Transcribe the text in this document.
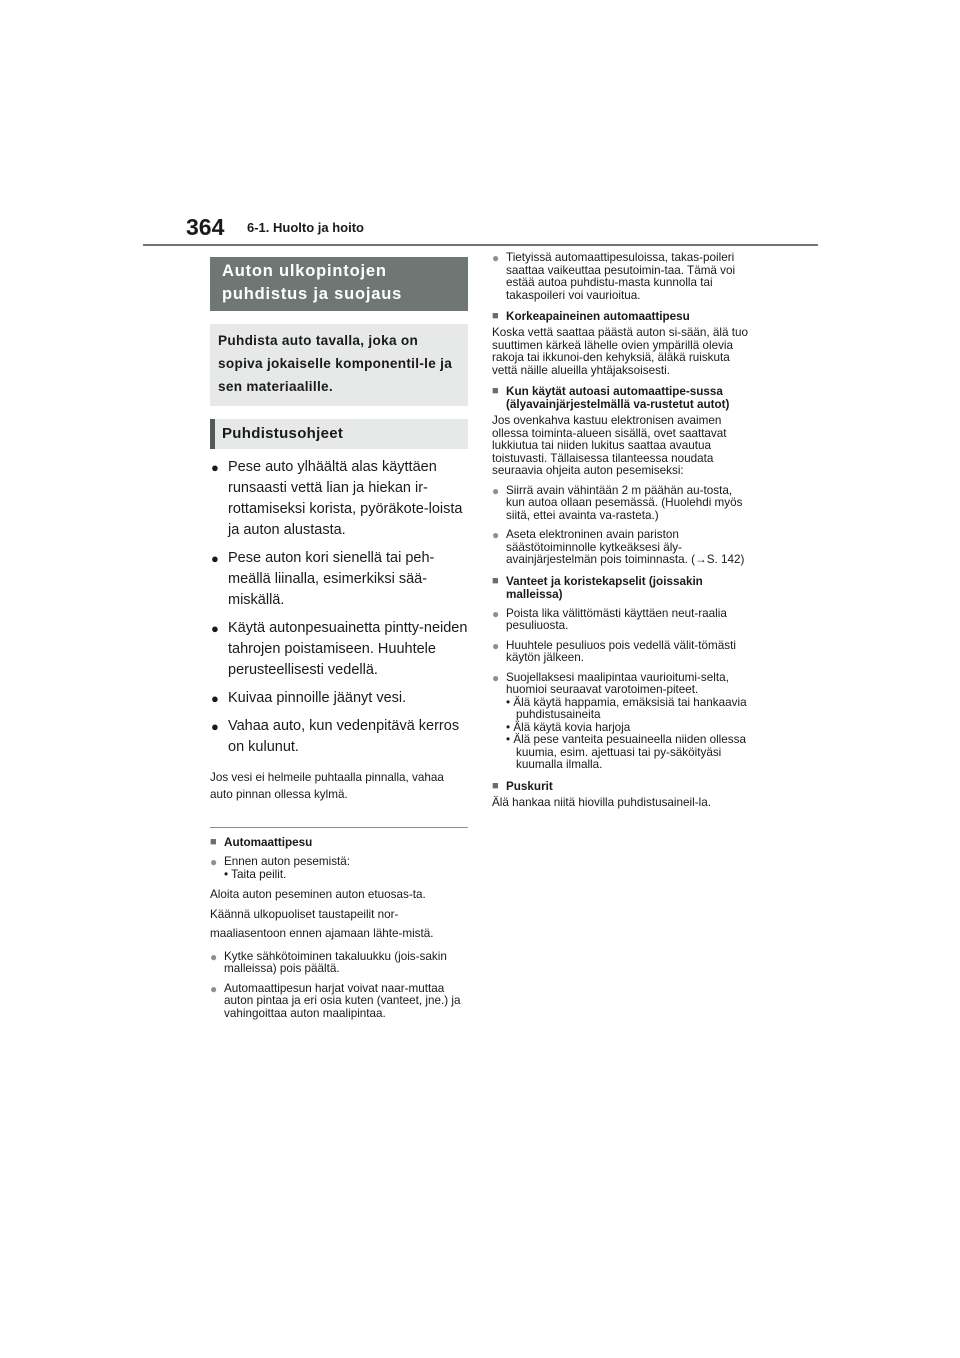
364 6-1. Huolto ja hoito
Auton ulkopintojen puhdistus ja suojaus
Puhdista auto tavalla, joka on sopiva jokaiselle komponentil-le ja sen materiaalille.
Puhdistusohjeet
● Pese auto ylhäältä alas käyttäen runsaasti vettä lian ja hiekan ir-rottamiseksi korista, pyöräkote-loista ja auton alustasta.
● Pese auton kori sienellä tai peh-meällä liinalla, esimerkiksi sää-miskällä.
● Käytä autonpesuainetta pintty-neiden tahrojen poistamiseen. Huuhtele perusteellisesti vedellä.
● Kuivaa pinnoille jäänyt vesi.
● Vahaa auto, kun vedenpitävä kerros on kulunut.
Jos vesi ei helmeile puhtaalla pinnalla, vahaa auto pinnan ollessa kylmä.
■ Automaattipesu
● Ennen auton pesemistä:
• Taita peilit.
Aloita auton peseminen auton etuosas-ta. Käännä ulkopuoliset taustapeilit nor-maaliasentoon ennen ajamaan lähte-mistä.
● Kytke sähkötoiminen takaluukku (jois-sakin malleissa) pois päältä.
● Automaattipesun harjat voivat naar-muttaa auton pintaa ja eri osia kuten (vanteet, jne.) ja vahingoittaa auton maalipintaa.
● Tietyissä automaattipesuloissa, takas-poileri saattaa vaikeuttaa pesutoimin-taa. Tämä voi estää autoa puhdistu-masta kunnolla tai takaspoileri voi vaurioitua.
■ Korkeapaineinen automaattipesu
Koska vettä saattaa päästä auton si-sään, älä tuo suuttimen kärkeä lähelle ovien ympärillä olevia rakoja tai ikkunoi-den kehyksiä, äläkä ruiskuta vettä näille alueilla yhtäjaksoisesti.
■ Kun käytät autoasi automaattipe-sussa (älyavainjärjestelmällä va-rustetut autot)
Jos ovenkahva kastuu elektronisen avaimen ollessa toiminta-alueen sisällä, ovet saattavat lukkiutua tai niiden lukitus saattaa avautua toistuvasti. Tällaisessa tilanteessa noudata seuraavia ohjeita auton pesemiseksi:
● Siirrä avain vähintään 2 m päähän au-tosta, kun autoa ollaan pesemässä. (Huolehdi myös siitä, ettei avainta va-rasteta.)
● Aseta elektroninen avain pariston säästötoiminnolle kytkeäksesi äly-avainjärjestelmän pois toiminnasta. (→S. 142)
■ Vanteet ja koristekapselit (joissakin malleissa)
● Poista lika välittömästi käyttäen neut-raalia pesuliuosta.
● Huuhtele pesuliuos pois vedellä välit-tömästi käytön jälkeen.
● Suojellaksesi maalipintaa vaurioitumi-selta, huomioi seuraavat varotoimen-piteet.
• Älä käytä happamia, emäksisiä tai hankaavia puhdistusaineita
• Älä käytä kovia harjoja
• Älä pese vanteita pesuaineella niiden ollessa kuumia, esim. ajettuasi tai py-säköityäsi kuumalla ilmalla.
■ Puskurit
Älä hankaa niitä hiovilla puhdistusaineil-la.
